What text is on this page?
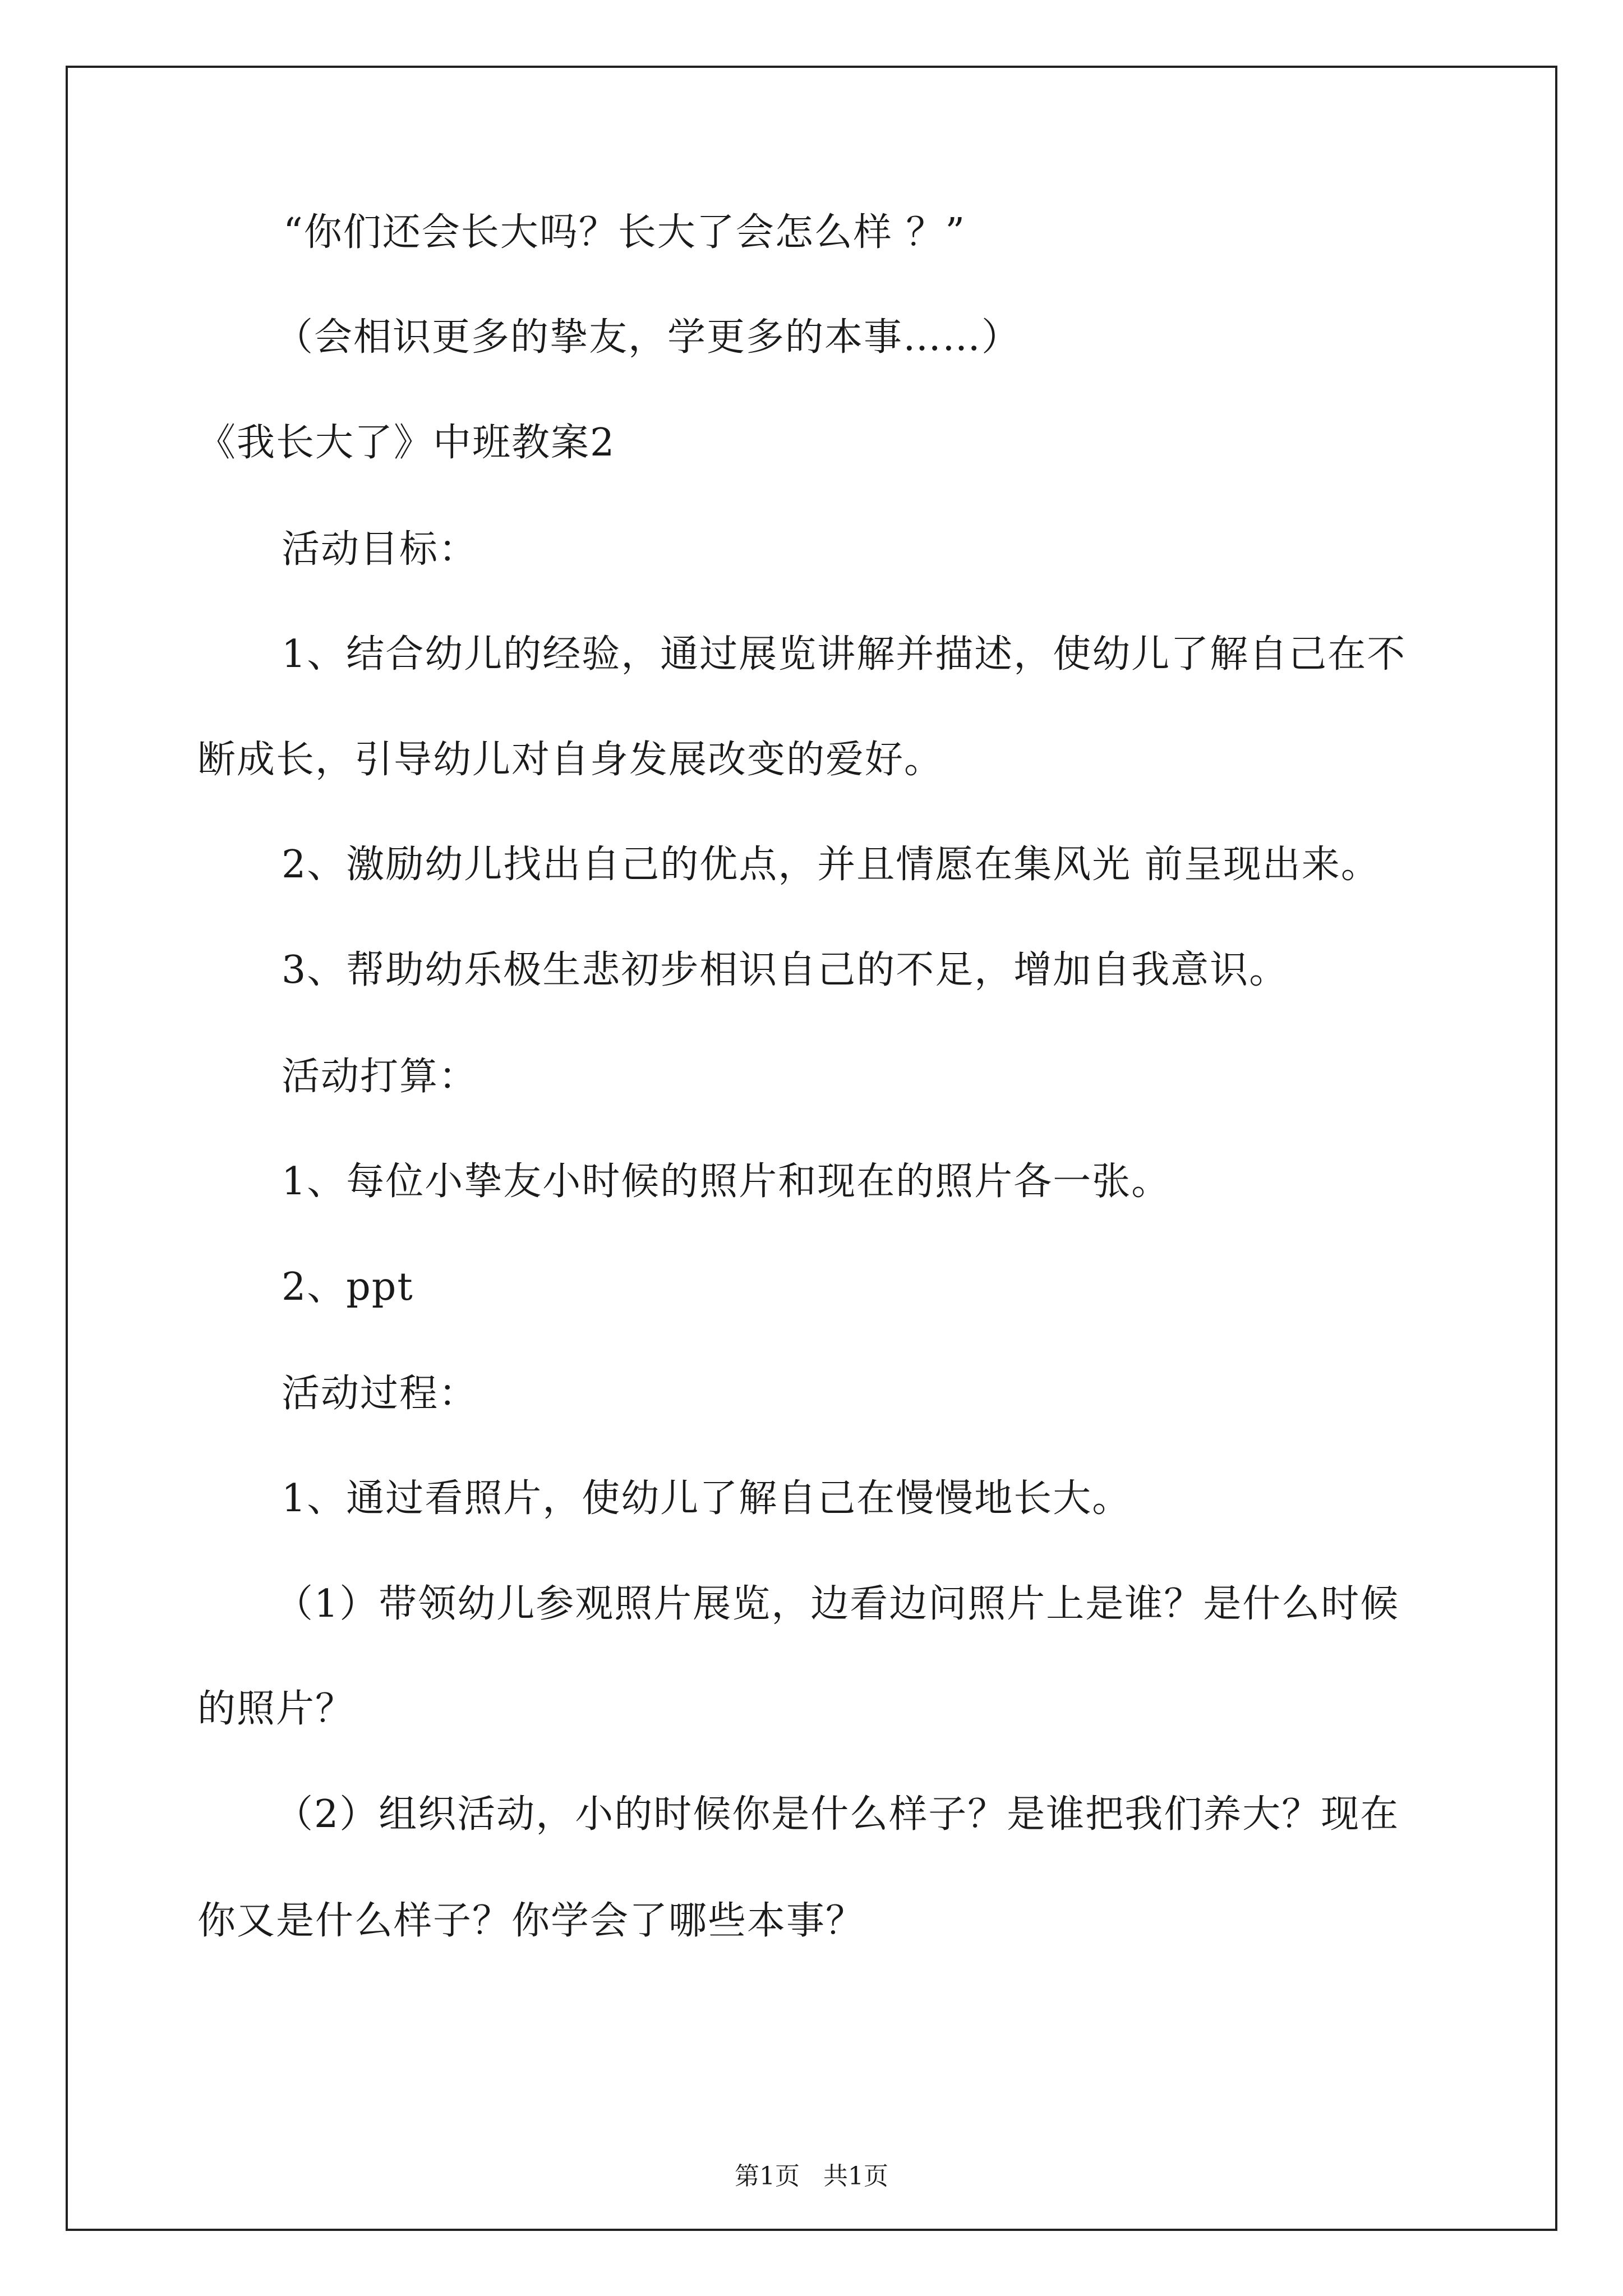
“你们还会长大吗？长大了会怎么样 ？”
（会相识更多的挚友，学更多的本事……）
《我长大了》中班教案2
活动目标：
1、结合幼儿的经验，通过展览讲解并描述，使幼儿了解自己在不
断成长，引导幼儿对自身发展改变的爱好。
2、激励幼儿找出自己的优点，并且情愿在集风光 前呈现出来。
3、帮助幼乐极生悲初步相识自己的不足，增加自我意识。
活动打算：
1、每位小挚友小时候的照片和现在的照片各一张。
2、ppt
活动过程：
1、通过看照片，使幼儿了解自己在慢慢地长大。
（1）带领幼儿参观照片展览，边看边问照片上是谁？是什么时候
的照片？
（2）组织活动，小的时候你是什么样子？是谁把我们养大？现在
你又是什么样子？你学会了哪些本事？
第1页   共1页
